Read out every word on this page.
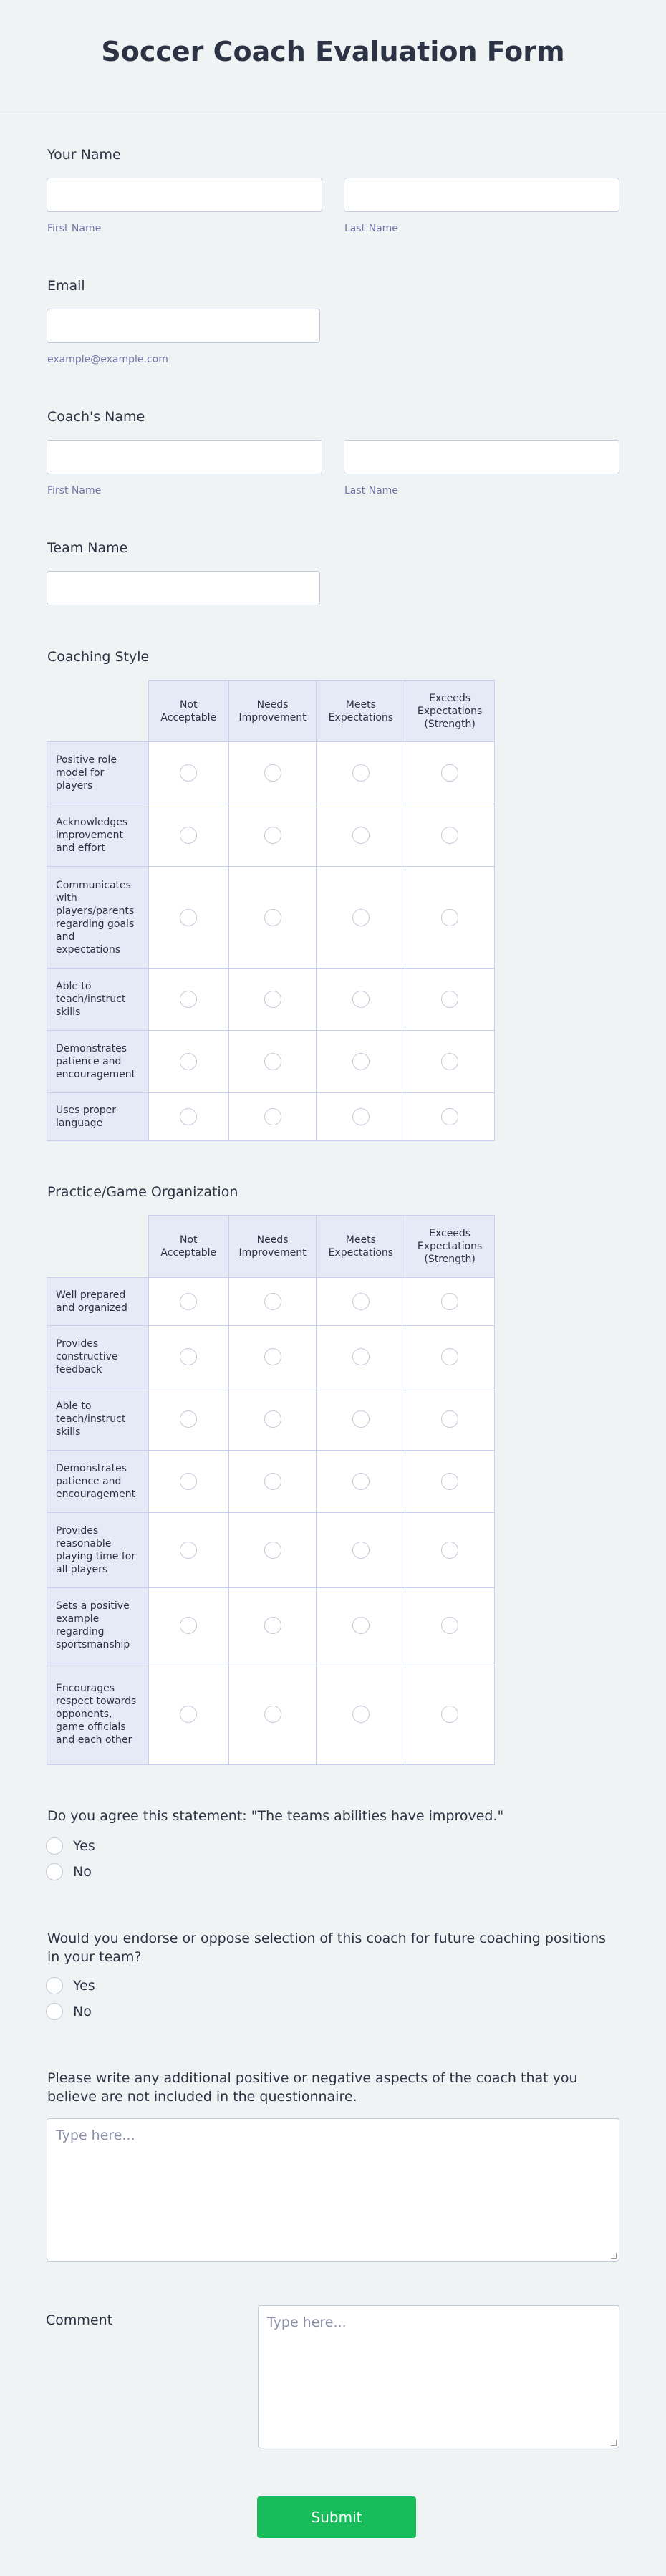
Soccer Coach Evaluation Form
Your Name
First Name	Last Name
Email
example@example.com
Coach's Name
First Name	Last Name
Team Name
Coaching Style
	Not Acceptable	Needs Improvement	Meets Expectations	Exceeds Expectations (Strength)
Positive role model for players				
Acknowledges improvement and effort				
Communicates with players/parents regarding goals and expectations				
Able to teach/instruct skills				
Demonstrates patience and encouragement				
Uses proper language				
Practice/Game Organization
	Not Acceptable	Needs Improvement	Meets Expectations	Exceeds Expectations (Strength)
Well prepared and organized				
Provides constructive feedback				
Able to teach/instruct skills				
Demonstrates patience and encouragement				
Provides reasonable playing time for all players				
Sets a positive example regarding sportsmanship				
Encourages respect towards opponents, game officials and each other				
Do you agree this statement: "The teams abilities have improved."
Yes
No
Would you endorse or oppose selection of this coach for future coaching positions in your team?
Yes
No
Please write any additional positive or negative aspects of the coach that you believe are not included in the questionnaire.
Type here...
Comment	Type here...
Submit
